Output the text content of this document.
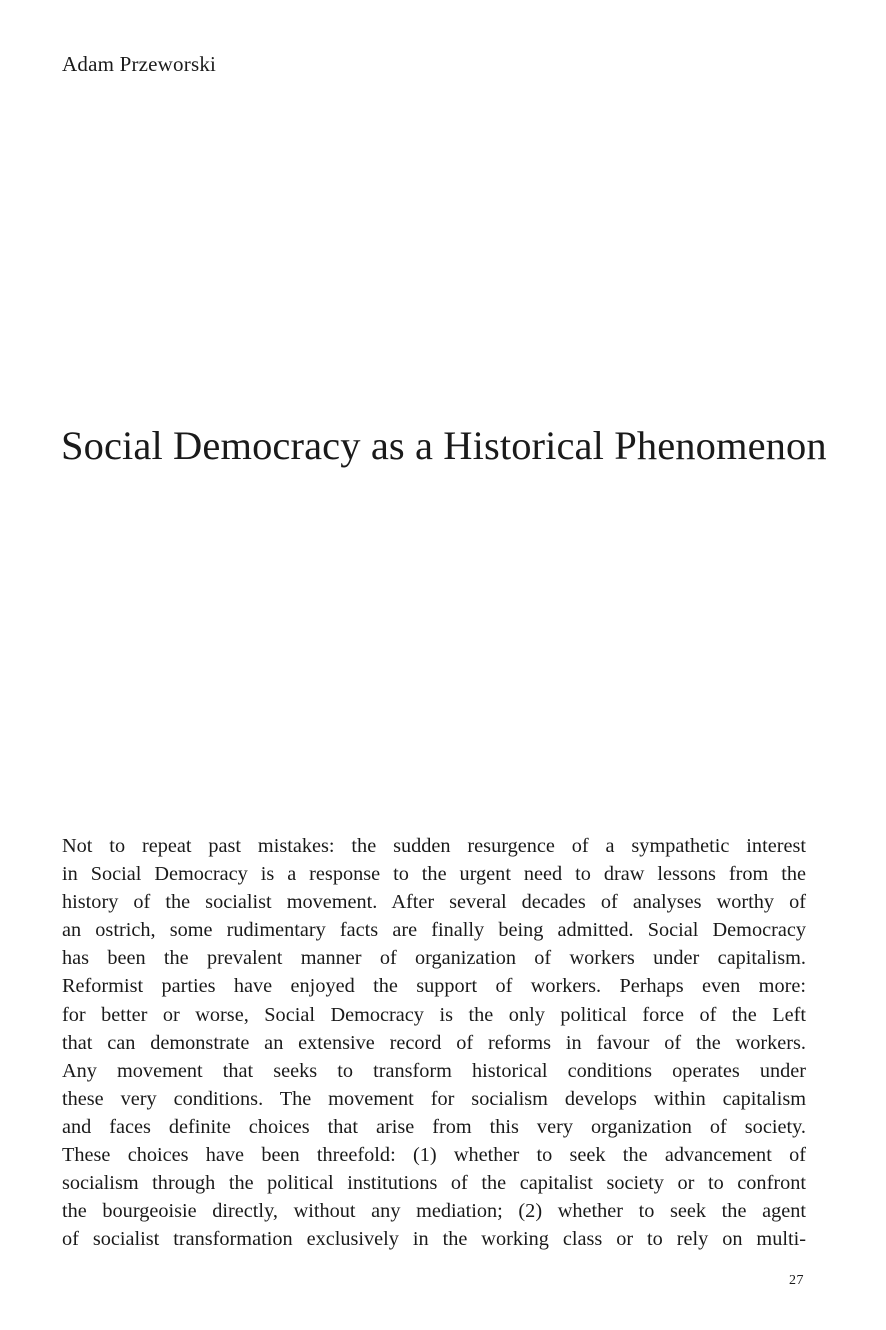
Adam Przeworski
Social Democracy as a Historical Phenomenon
Not to repeat past mistakes: the sudden resurgence of a sympathetic interest
in Social Democracy is a response to the urgent need to draw lessons from the
history of the socialist movement. After several decades of analyses worthy of
an ostrich, some rudimentary facts are finally being admitted. Social Democracy
has been the prevalent manner of organization of workers under capitalism.
Reformist parties have enjoyed the support of workers. Perhaps even more:
for better or worse, Social Democracy is the only political force of the Left
that can demonstrate an extensive record of reforms in favour of the workers.
Any movement that seeks to transform historical conditions operates under
these very conditions. The movement for socialism develops within capitalism
and faces definite choices that arise from this very organization of society.
These choices have been threefold: (1) whether to seek the advancement of
socialism through the political institutions of the capitalist society or to confront
the bourgeoisie directly, without any mediation; (2) whether to seek the agent
of socialist transformation exclusively in the working class or to rely on multi-
27
